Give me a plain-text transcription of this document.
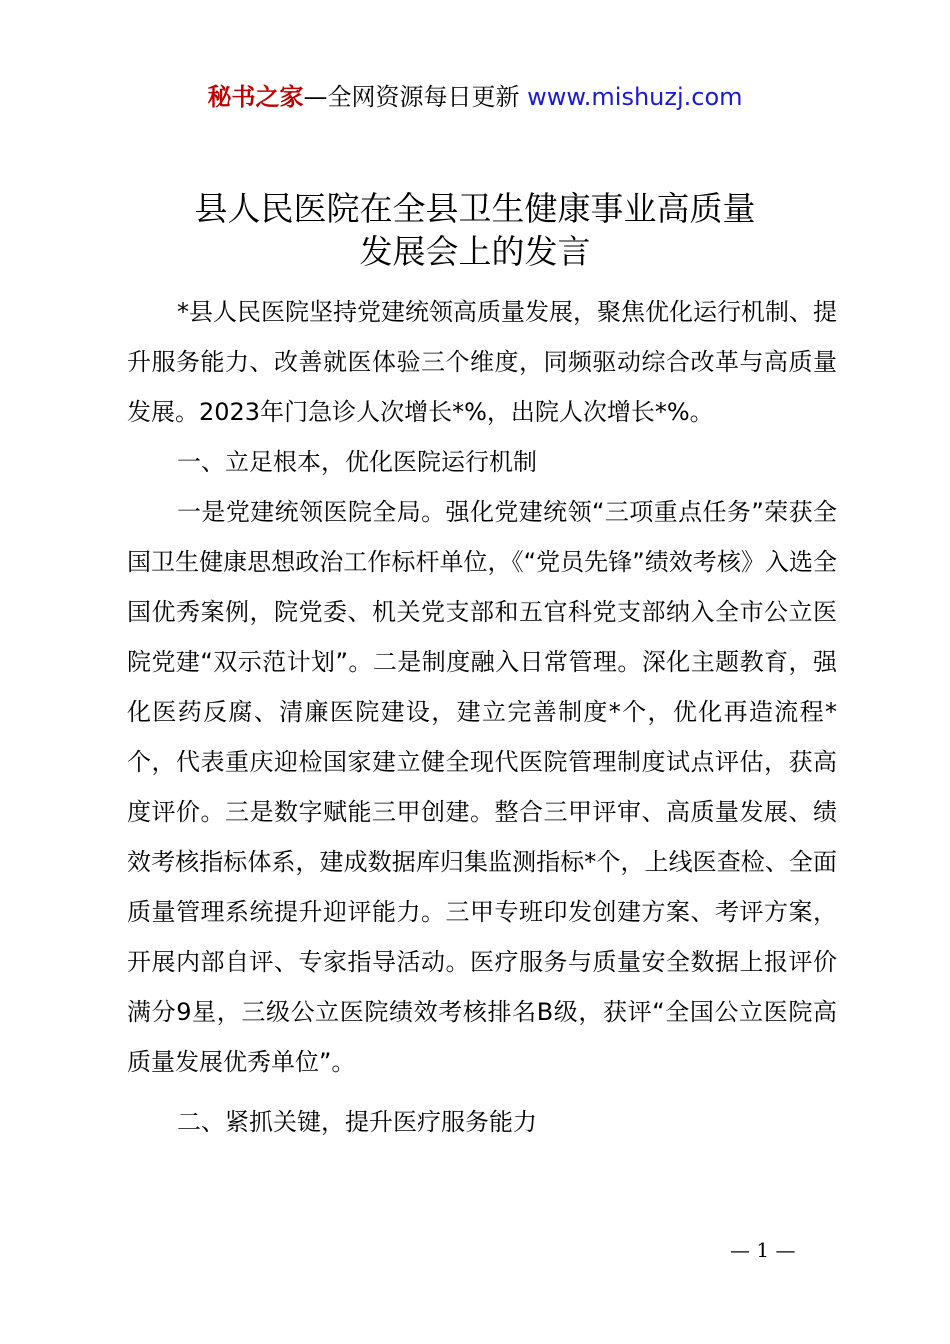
秘书之家—全网资源每日更新 www.mishuzj.com
县人民医院在全县卫生健康事业高质量
发展会上的发言

*县人民医院坚持党建统领高质量发展，聚焦优化运行机制、提升服务能力、改善就医体验三个维度，同频驱动综合改革与高质量发展。2023年门急诊人次增长*%，出院人次增长*%。

一、立足根本，优化医院运行机制

一是党建统领医院全局。强化党建统领“三项重点任务”荣获全国卫生健康思想政治工作标杆单位，《“党员先锋”绩效考核》入选全国优秀案例，院党委、机关党支部和五官科党支部纳入全市公立医院党建“双示范计划”。二是制度融入日常管理。深化主题教育，强化医药反腐、清廉医院建设，建立完善制度*个，优化再造流程*个，代表重庆迎检国家建立健全现代医院管理制度试点评估，获高度评价。三是数字赋能三甲创建。整合三甲评审、高质量发展、绩效考核指标体系，建成数据库归集监测指标*个，上线医查检、全面质量管理系统提升迎评能力。三甲专班印发创建方案、考评方案，开展内部自评、专家指导活动。医疗服务与质量安全数据上报评价满分9星，三级公立医院绩效考核排名B级，获评“全国公立医院高质量发展优秀单位”。

二、紧抓关键，提升医疗服务能力

— 1 —
